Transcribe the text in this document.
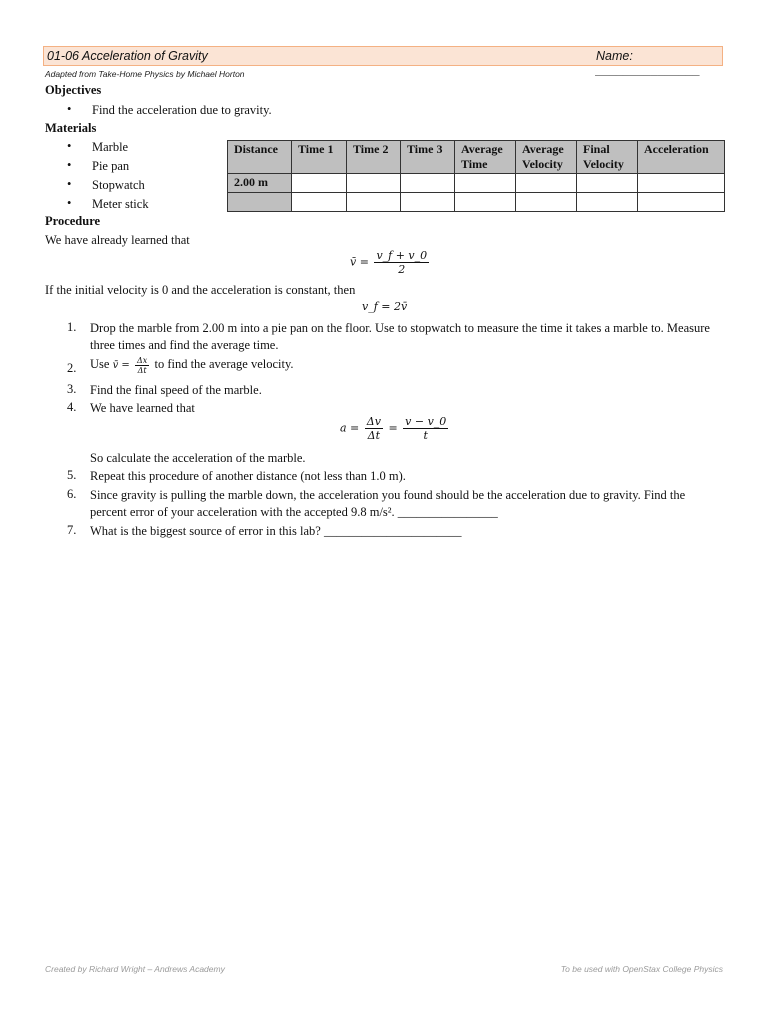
01-06 Acceleration of Gravity	Name: _______________
Adapted from Take-Home Physics by Michael Horton
Objectives
• Find the acceleration due to gravity.
Materials
• Marble
• Pie pan
• Stopwatch
• Meter stick
Distance	Time 1	Time 2	Time 3	Average Time	Average Velocity	Final Velocity	Acceleration
2.00 m							

Procedure
We have already learned that
v̄ = $\frac{v\_f + v\_0}{2}$
If the initial velocity is 0 and the acceleration is constant, then
v_f = 2v̄
1. Drop the marble from 2.00 m into a pie pan on the floor. Use to stopwatch to measure the time it takes a marble to. Measure three times and find the average time.
2. Use v̄ = $\frac{\Delta x}{\Delta t}$ to find the average velocity.
3. Find the final speed of the marble.
4. We have learned that
$a = \frac{\Delta v}{\Delta t} = \frac{v - v\_0}{t}$
So calculate the acceleration of the marble.
5. Repeat this procedure of another distance (not less than 1.0 m).
6. Since gravity is pulling the marble down, the acceleration you found should be the acceleration due to gravity. Find the percent error of your acceleration with the accepted 9.8 m/s². ________________
7. What is the biggest source of error in this lab? ______________________
Created by Richard Wright – Andrews Academy	To be used with OpenStax College Physics
